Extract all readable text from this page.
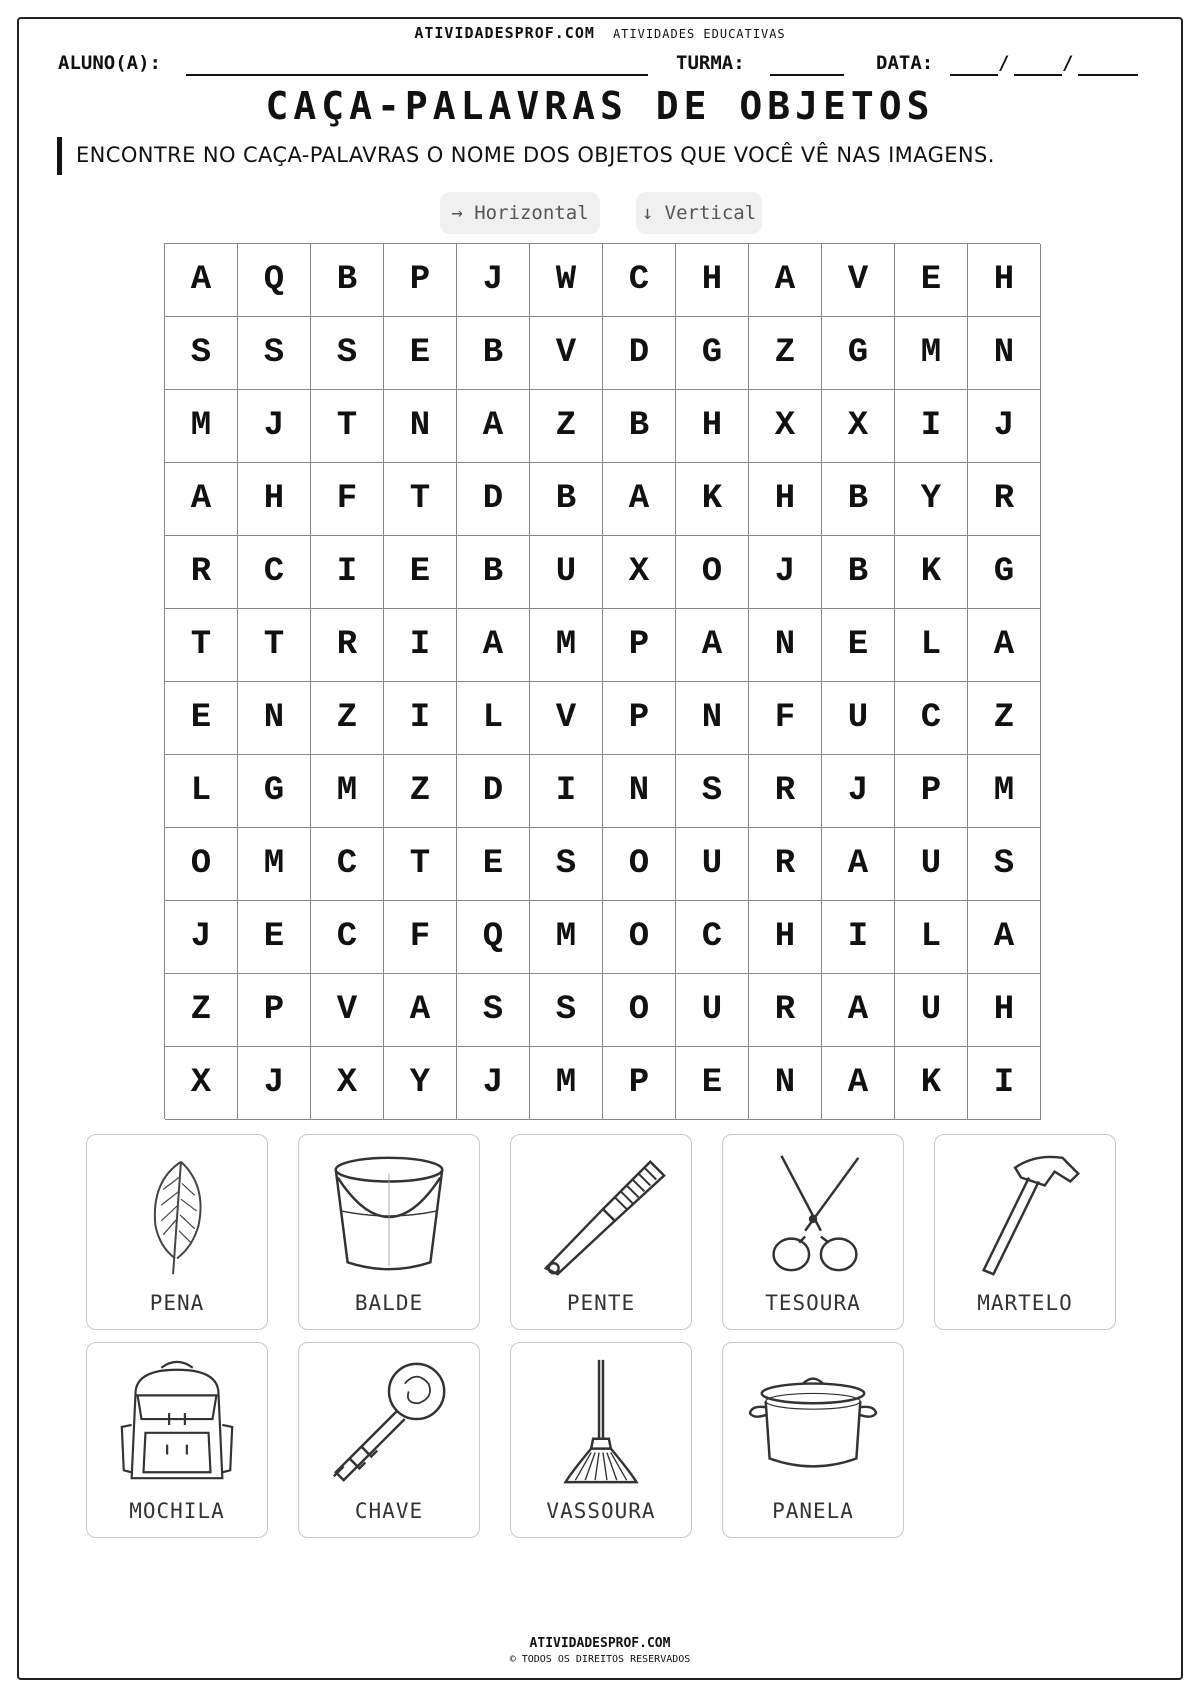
ATIVIDADESPROF.COM ATIVIDADES EDUCATIVAS
ALUNO(A):	TURMA:	DATA:	/	/
CAÇA-PALAVRAS DE OBJETOS
ENCONTRE NO CAÇA-PALAVRAS O NOME DOS OBJETOS QUE VOCÊ VÊ NAS IMAGENS.
→ Horizontal	↓ Vertical
A	Q	B	P	J	W	C	H	A	V	E	H
S	S	S	E	B	V	D	G	Z	G	M	N
M	J	T	N	A	Z	B	H	X	X	I	J
A	H	F	T	D	B	A	K	H	B	Y	R
R	C	I	E	B	U	X	O	J	B	K	G
T	T	R	I	A	M	P	A	N	E	L	A
E	N	Z	I	L	V	P	N	F	U	C	Z
L	G	M	Z	D	I	N	S	R	J	P	M
O	M	C	T	E	S	O	U	R	A	U	S
J	E	C	F	Q	M	O	C	H	I	L	A
Z	P	V	A	S	S	O	U	R	A	U	H
X	J	X	Y	J	M	P	E	N	A	K	I
PENA	BALDE	PENTE	TESOURA	MARTELO
MOCHILA	CHAVE	VASSOURA	PANELA
ATIVIDADESPROF.COM
© TODOS OS DIREITOS RESERVADOS
